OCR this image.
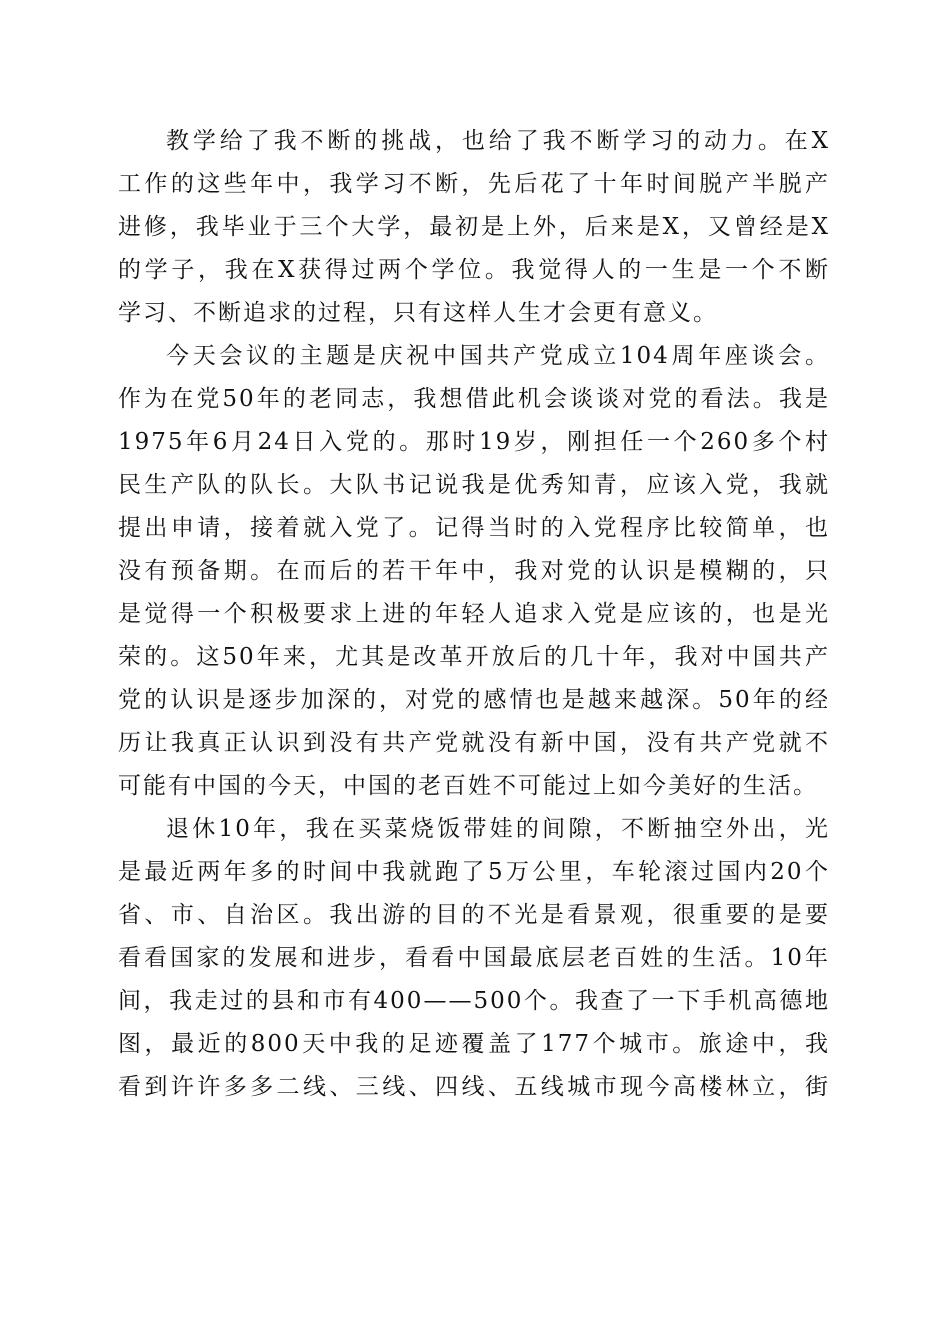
教学给了我不断的挑战，也给了我不断学习的动力。在X
工作的这些年中，我学习不断，先后花了十年时间脱产半脱产
进修，我毕业于三个大学，最初是上外，后来是X，又曾经是X
的学子，我在X获得过两个学位。我觉得人的一生是一个不断
学习、不断追求的过程，只有这样人生才会更有意义。
今天会议的主题是庆祝中国共产党成立104周年座谈会。
作为在党50年的老同志，我想借此机会谈谈对党的看法。我是
1975年6月24日入党的。那时19岁，刚担任一个260多个村
民生产队的队长。大队书记说我是优秀知青，应该入党，我就
提出申请，接着就入党了。记得当时的入党程序比较简单，也
没有预备期。在而后的若干年中，我对党的认识是模糊的，只
是觉得一个积极要求上进的年轻人追求入党是应该的，也是光
荣的。这50年来，尤其是改革开放后的几十年，我对中国共产
党的认识是逐步加深的，对党的感情也是越来越深。50年的经
历让我真正认识到没有共产党就没有新中国，没有共产党就不
可能有中国的今天，中国的老百姓不可能过上如今美好的生活。
退休10年，我在买菜烧饭带娃的间隙，不断抽空外出，光
是最近两年多的时间中我就跑了5万公里，车轮滚过国内20个
省、市、自治区。我出游的目的不光是看景观，很重要的是要
看看国家的发展和进步，看看中国最底层老百姓的生活。10年
间，我走过的县和市有400——500个。我查了一下手机高德地
图，最近的800天中我的足迹覆盖了177个城市。旅途中，我
看到许许多多二线、三线、四线、五线城市现今高楼林立，街
